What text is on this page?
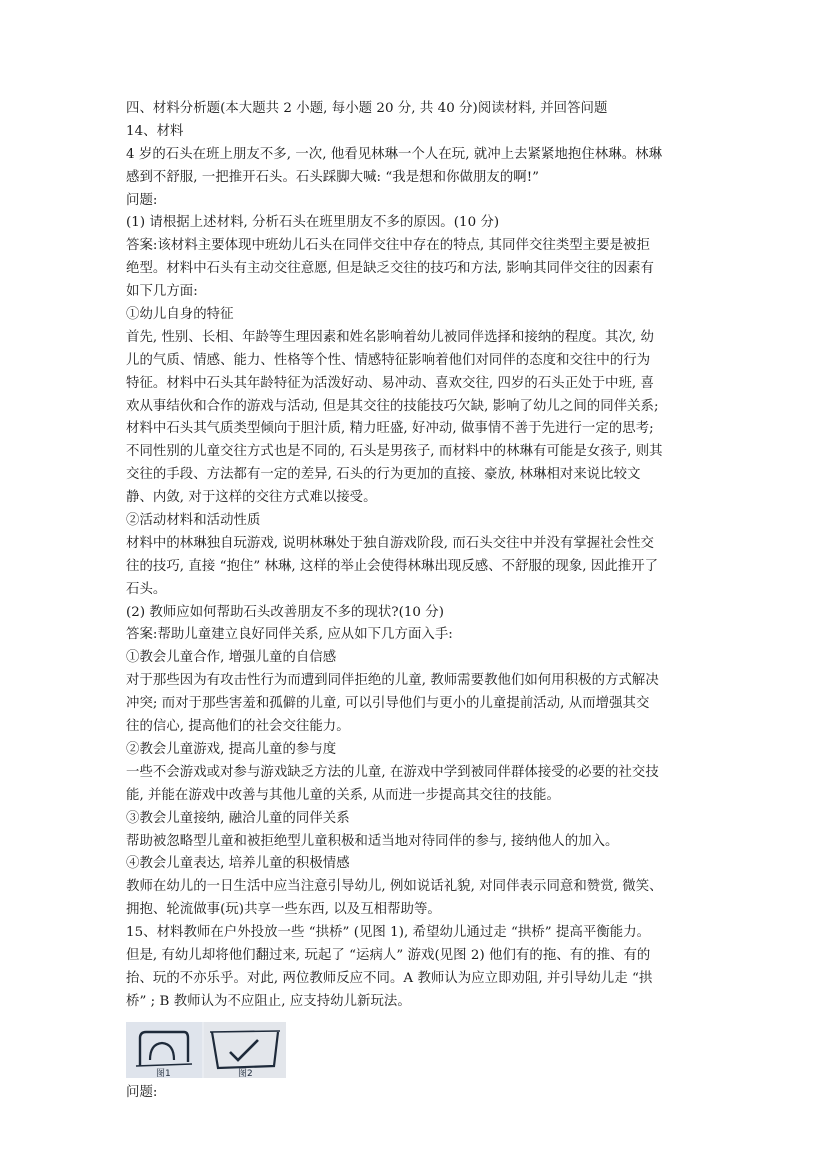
四、材料分析题(本大题共 2 小题, 每小题 20 分, 共 40 分)阅读材料, 并回答问题
14、材料
4 岁的石头在班上朋友不多, 一次, 他看见林琳一个人在玩, 就冲上去紧紧地抱住林琳。林琳
感到不舒服, 一把推开石头。石头踩脚大喊: “我是想和你做朋友的啊!”
问题:
(1) 请根据上述材料, 分析石头在班里朋友不多的原因。(10 分)
答案:该材料主要体现中班幼儿石头在同伴交往中存在的特点, 其同伴交往类型主要是被拒
绝型。材料中石头有主动交往意愿, 但是缺乏交往的技巧和方法, 影响其同伴交往的因素有
如下几方面:
①幼儿自身的特征
首先, 性别、长相、年龄等生理因素和姓名影响着幼儿被同伴选择和接纳的程度。其次, 幼
儿的气质、情感、能力、性格等个性、情感特征影响着他们对同伴的态度和交往中的行为
特征。材料中石头其年龄特征为活泼好动、易冲动、喜欢交往, 四岁的石头正处于中班, 喜
欢从事结伙和合作的游戏与活动, 但是其交往的技能技巧欠缺, 影响了幼儿之间的同伴关系;
材料中石头其气质类型倾向于胆汁质, 精力旺盛, 好冲动, 做事情不善于先进行一定的思考;
不同性别的儿童交往方式也是不同的, 石头是男孩子, 而材料中的林琳有可能是女孩子, 则其
交往的手段、方法都有一定的差异, 石头的行为更加的直接、豪放, 林琳相对来说比较文
静、内敛, 对于这样的交往方式难以接受。
②活动材料和活动性质
材料中的林琳独自玩游戏, 说明林琳处于独自游戏阶段, 而石头交往中并没有掌握社会性交
往的技巧, 直接 “抱住” 林琳, 这样的举止会使得林琳出现反感、不舒服的现象, 因此推开了
石头。
(2) 教师应如何帮助石头改善朋友不多的现状?(10 分)
答案:帮助儿童建立良好同伴关系, 应从如下几方面入手:
①教会儿童合作, 增强儿童的自信感
对于那些因为有攻击性行为而遭到同伴拒绝的儿童, 教师需要教他们如何用积极的方式解决
冲突; 而对于那些害羞和孤僻的儿童, 可以引导他们与更小的儿童提前活动, 从而增强其交
往的信心, 提高他们的社会交往能力。
②教会儿童游戏, 提高儿童的参与度
一些不会游戏或对参与游戏缺乏方法的儿童, 在游戏中学到被同伴群体接受的必要的社交技
能, 并能在游戏中改善与其他儿童的关系, 从而进一步提高其交往的技能。
③教会儿童接纳, 融洽儿童的同伴关系
帮助被忽略型儿童和被拒绝型儿童积极和适当地对待同伴的参与, 接纳他人的加入。
④教会儿童表达, 培养儿童的积极情感
教师在幼儿的一日生活中应当注意引导幼儿, 例如说话礼貌, 对同伴表示同意和赞赏, 微笑、
拥抱、轮流做事(玩)共享一些东西, 以及互相帮助等。
15、材料教师在户外投放一些 “拱桥” (见图 1), 希望幼儿通过走 “拱桥” 提高平衡能力。
但是, 有幼儿却将他们翻过来, 玩起了 “运病人” 游戏(见图 2) 他们有的拖、有的推、有的
抬、玩的不亦乐乎。对此, 两位教师反应不同。A 教师认为应立即劝阻, 并引导幼儿走 “拱
桥” ; B 教师认为不应阻止, 应支持幼儿新玩法。
图1	图2
问题:
